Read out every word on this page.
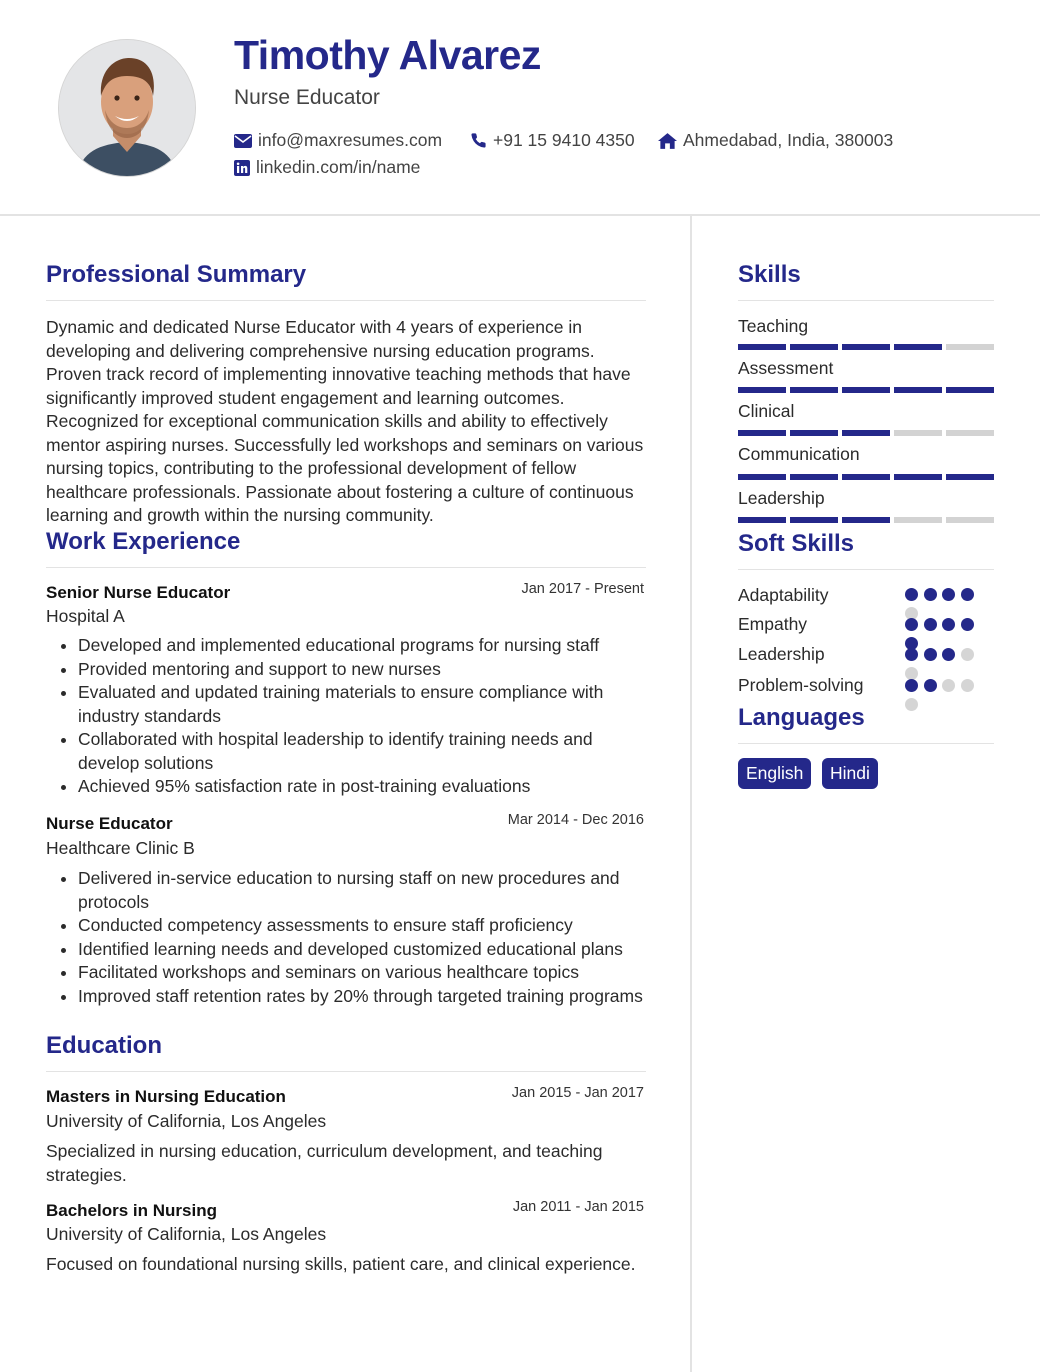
Timothy Alvarez
Nurse Educator
info@maxresumes.com	+91 15 9410 4350	Ahmedabad, India, 380003
linkedin.com/in/name
Professional Summary

Dynamic and dedicated Nurse Educator with 4 years of experience in developing and delivering comprehensive nursing education programs. Proven track record of implementing innovative teaching methods that have significantly improved student engagement and learning outcomes. Recognized for exceptional communication skills and ability to effectively mentor aspiring nurses. Successfully led workshops and seminars on various nursing topics, contributing to the professional development of fellow healthcare professionals. Passionate about fostering a culture of continuous learning and growth within the nursing community.

Work Experience
Senior Nurse Educator	Jan 2017 - Present
Hospital A
• Developed and implemented educational programs for nursing staff
• Provided mentoring and support to new nurses
• Evaluated and updated training materials to ensure compliance with industry standards
• Collaborated with hospital leadership to identify training needs and develop solutions
• Achieved 95% satisfaction rate in post-training evaluations
Nurse Educator	Mar 2014 - Dec 2016
Healthcare Clinic B
• Delivered in-service education to nursing staff on new procedures and protocols
• Conducted competency assessments to ensure staff proficiency
• Identified learning needs and developed customized educational plans
• Facilitated workshops and seminars on various healthcare topics
• Improved staff retention rates by 20% through targeted training programs
Education
Masters in Nursing Education	Jan 2015 - Jan 2017
University of California, Los Angeles

Specialized in nursing education, curriculum development, and teaching strategies.

Bachelors in Nursing	Jan 2011 - Jan 2015
University of California, Los Angeles

Focused on foundational nursing skills, patient care, and clinical experience.

Skills
Teaching
Assessment
Clinical
Communication
Leadership
Soft Skills
Adaptability
Empathy
Leadership
Problem-solving
Languages
English	Hindi
